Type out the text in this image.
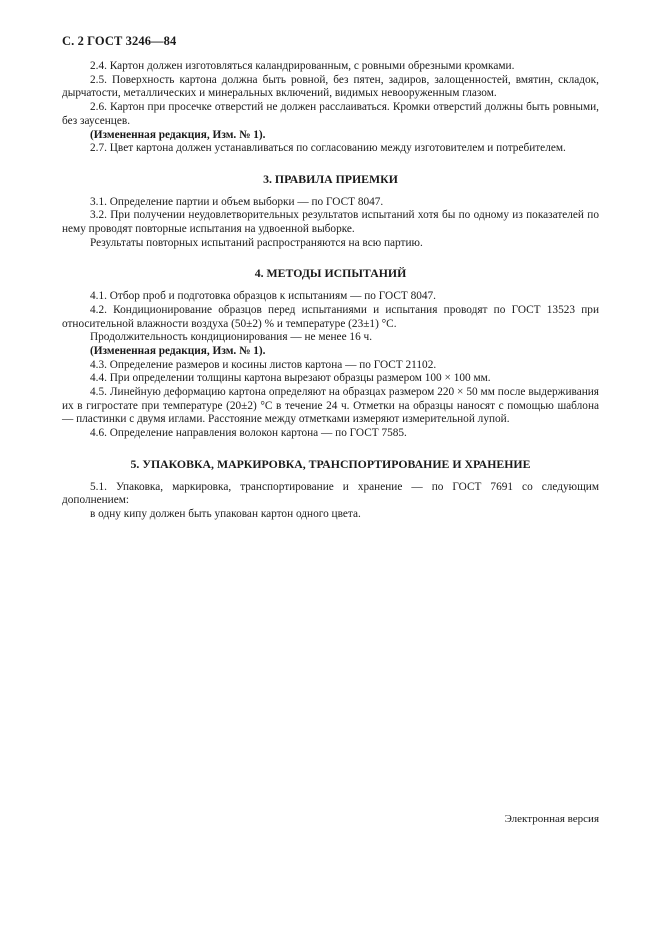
С. 2 ГОСТ 3246—84

2.4. Картон должен изготовляться каландрированным, с ровными обрезными кромками.

2.5. Поверхность картона должна быть ровной, без пятен, задиров, залощенностей, вмятин, складок, дырчатости, металлических и минеральных включений, видимых невооруженным глазом.

2.6. Картон при просечке отверстий не должен расслаиваться. Кромки отверстий должны быть ровными, без заусенцев.

(Измененная редакция, Изм. № 1).

2.7. Цвет картона должен устанавливаться по согласованию между изготовителем и потребителем.

3. ПРАВИЛА ПРИЕМКИ

3.1. Определение партии и объем выборки — по ГОСТ 8047.

3.2. При получении неудовлетворительных результатов испытаний хотя бы по одному из показателей по нему проводят повторные испытания на удвоенной выборке.

Результаты повторных испытаний распространяются на всю партию.

4. МЕТОДЫ ИСПЫТАНИЙ

4.1. Отбор проб и подготовка образцов к испытаниям — по ГОСТ 8047.

4.2. Кондиционирование образцов перед испытаниями и испытания проводят по ГОСТ 13523 при относительной влажности воздуха (50±2) % и температуре (23±1) °С.

Продолжительность кондиционирования — не менее 16 ч.

(Измененная редакция, Изм. № 1).

4.3. Определение размеров и косины листов картона — по ГОСТ 21102.

4.4. При определении толщины картона вырезают образцы размером 100 × 100 мм.

4.5. Линейную деформацию картона определяют на образцах размером 220 × 50 мм после выдерживания их в гигростате при температуре (20±2) °С в течение 24 ч. Отметки на образцы наносят с помощью шаблона — пластинки с двумя иглами. Расстояние между отметками измеряют измерительной лупой.

4.6. Определение направления волокон картона — по ГОСТ 7585.

5. УПАКОВКА, МАРКИРОВКА, ТРАНСПОРТИРОВАНИЕ И ХРАНЕНИЕ

5.1. Упаковка, маркировка, транспортирование и хранение — по ГОСТ 7691 со следующим дополнением:

в одну кипу должен быть упакован картон одного цвета.

Электронная версия
